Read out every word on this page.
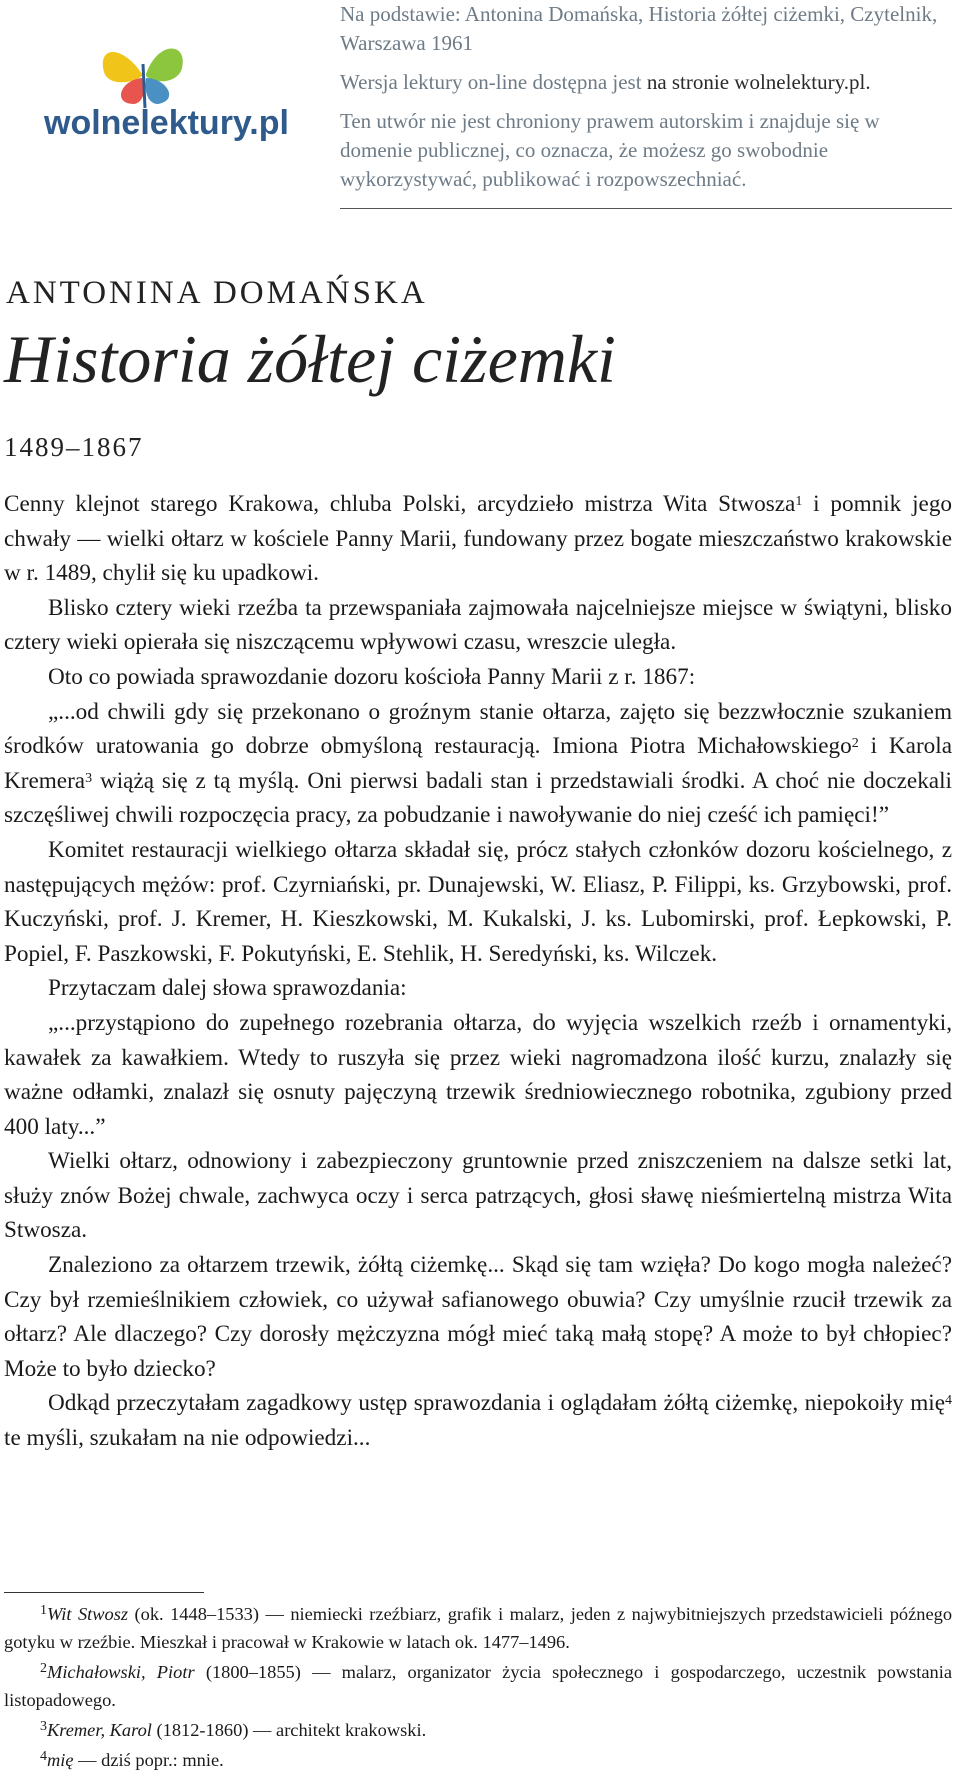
wolnelektury.pl

Na podstawie: Antonina Domańska, Historia żółtej ciżemki, Czytelnik, Warszawa 1961

Wersja lektury on-line dostępna jest na stronie wolnelektury.pl.

Ten utwór nie jest chroniony prawem autorskim i znajduje się w domenie publicznej, co oznacza, że możesz go swobodnie wykorzystywać, publikować i rozpowszechniać.

ANTONINA DOMAŃSKA
Historia żółtej ciżemki
1489–1867

Cenny klejnot starego Krakowa, chluba Polski, arcydzieło mistrza Wita Stwosza$^1$ i pomnik jego chwały — wielki ołtarz w kościele Panny Marii, fundowany przez bogate mieszczaństwo krakowskie w r. 1489, chylił się ku upadkowi.

Blisko cztery wieki rzeźba ta przewspaniała zajmowała najcelniejsze miejsce w świątyni, blisko cztery wieki opierała się niszczącemu wpływowi czasu, wreszcie uległa.

Oto co powiada sprawozdanie dozoru kościoła Panny Marii z r. 1867:

„...od chwili gdy się przekonano o groźnym stanie ołtarza, zajęto się bezzwłocznie szukaniem środków uratowania go dobrze obmyśloną restauracją. Imiona Piotra Michałowskiego$^2$ i Karola Kremera$^3$ wiążą się z tą myślą. Oni pierwsi badali stan i przedstawiali środki. A choć nie doczekali szczęśliwej chwili rozpoczęcia pracy, za pobudzanie i nawoływanie do niej cześć ich pamięci!”

Komitet restauracji wielkiego ołtarza składał się, prócz stałych członków dozoru kościelnego, z następujących mężów: prof. Czyrniański, pr. Dunajewski, W. Eliasz, P. Filippi, ks. Grzybowski, prof. Kuczyński, prof. J. Kremer, H. Kieszkowski, M. Kukalski, J. ks. Lubomirski, prof. Łepkowski, P. Popiel, F. Paszkowski, F. Pokutyński, E. Stehlik, H. Seredyński, ks. Wilczek.

Przytaczam dalej słowa sprawozdania:

„...przystąpiono do zupełnego rozebrania ołtarza, do wyjęcia wszelkich rzeźb i ornamentyki, kawałek za kawałkiem. Wtedy to ruszyła się przez wieki nagromadzona ilość kurzu, znalazły się ważne odłamki, znalazł się osnuty pajęczyną trzewik średniowiecznego robotnika, zgubiony przed 400 laty...”

Wielki ołtarz, odnowiony i zabezpieczony gruntownie przed zniszczeniem na dalsze setki lat, służy znów Bożej chwale, zachwyca oczy i serca patrzących, głosi sławę nieśmiertelną mistrza Wita Stwosza.

Znaleziono za ołtarzem trzewik, żółtą ciżemkę... Skąd się tam wzięła? Do kogo mogła należeć? Czy był rzemieślnikiem człowiek, co używał safianowego obuwia? Czy umyślnie rzucił trzewik za ołtarz? Ale dlaczego? Czy dorosły mężczyzna mógł mieć taką małą stopę? A może to był chłopiec? Może to było dziecko?

Odkąd przeczytałam zagadkowy ustęp sprawozdania i oglądałam żółtą ciżemkę, niepokoiły mię$^4$ te myśli, szukałam na nie odpowiedzi...

$^1$Wit Stwosz (ok. 1448–1533) — niemiecki rzeźbiarz, grafik i malarz, jeden z najwybitniejszych przedstawicieli późnego gotyku w rzeźbie. Mieszkał i pracował w Krakowie w latach ok. 1477–1496.

$^2$Michałowski, Piotr (1800–1855) — malarz, organizator życia społecznego i gospodarczego, uczestnik powstania listopadowego.

$^3$Kremer, Karol (1812-1860) — architekt krakowski.

$^4$mię — dziś popr.: mnie.
